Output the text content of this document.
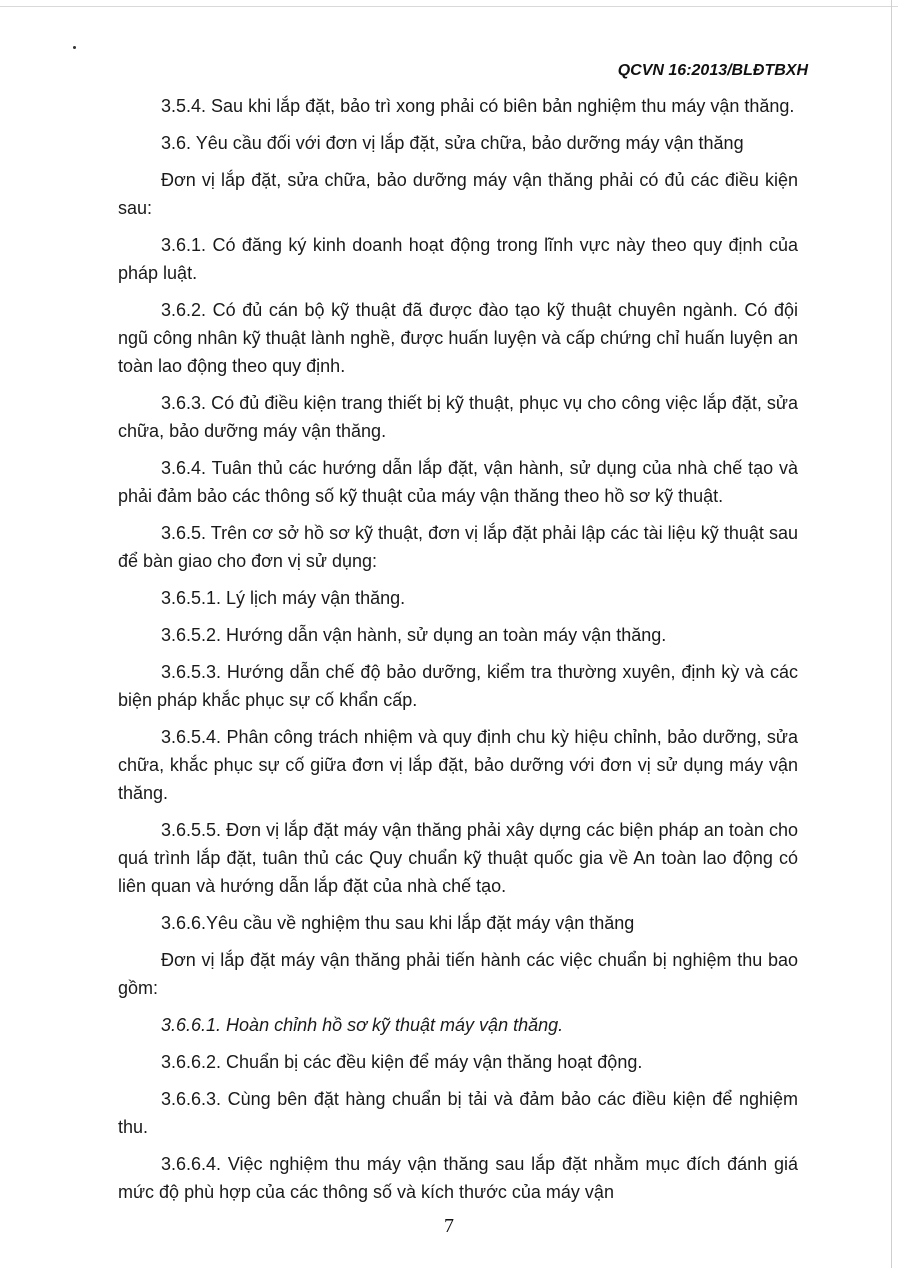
QCVN 16:2013/BLĐTBXH

3.5.4. Sau khi lắp đặt, bảo trì xong phải có biên bản nghiệm thu máy vận thăng.

3.6. Yêu cầu đối với đơn vị lắp đặt, sửa chữa, bảo dưỡng máy vận thăng

Đơn vị lắp đặt, sửa chữa, bảo dưỡng máy vận thăng phải có đủ các điều kiện sau:

3.6.1. Có đăng ký kinh doanh hoạt động trong lĩnh vực này theo quy định của pháp luật.

3.6.2. Có đủ cán bộ kỹ thuật đã được đào tạo kỹ thuật chuyên ngành. Có đội ngũ công nhân kỹ thuật lành nghề, được huấn luyện và cấp chứng chỉ huấn luyện an toàn lao động theo quy định.

3.6.3. Có đủ điều kiện trang thiết bị kỹ thuật, phục vụ cho công việc lắp đặt, sửa chữa, bảo dưỡng máy vận thăng.

3.6.4. Tuân thủ các hướng dẫn lắp đặt, vận hành, sử dụng của nhà chế tạo và phải đảm bảo các thông số kỹ thuật của máy vận thăng theo hồ sơ kỹ thuật.

3.6.5. Trên cơ sở hồ sơ kỹ thuật, đơn vị lắp đặt phải lập các tài liệu kỹ thuật sau để bàn giao cho đơn vị sử dụng:

3.6.5.1. Lý lịch máy vận thăng.

3.6.5.2. Hướng dẫn vận hành, sử dụng an toàn máy vận thăng.

3.6.5.3. Hướng dẫn chế độ bảo dưỡng, kiểm tra thường xuyên, định kỳ và các biện pháp khắc phục sự cố khẩn cấp.

3.6.5.4. Phân công trách nhiệm và quy định chu kỳ hiệu chỉnh, bảo dưỡng, sửa chữa, khắc phục sự cố giữa đơn vị lắp đặt, bảo dưỡng với đơn vị sử dụng máy vận thăng.

3.6.5.5. Đơn vị lắp đặt máy vận thăng phải xây dựng các biện pháp an toàn cho quá trình lắp đặt, tuân thủ các Quy chuẩn kỹ thuật quốc gia về An toàn lao động có liên quan và hướng dẫn lắp đặt của nhà chế tạo.

3.6.6.Yêu cầu về nghiệm thu sau khi lắp đặt máy vận thăng

Đơn vị lắp đặt máy vận thăng phải tiến hành các việc chuẩn bị nghiệm thu bao gồm:

3.6.6.1. Hoàn chỉnh hồ sơ kỹ thuật máy vận thăng.

3.6.6.2. Chuẩn bị các đều kiện để máy vận thăng hoạt động.

3.6.6.3. Cùng bên đặt hàng chuẩn bị tải và đảm bảo các điều kiện để nghiệm thu.

3.6.6.4. Việc nghiệm thu máy vận thăng sau lắp đặt nhằm mục đích đánh giá mức độ phù hợp của các thông số và kích thước của máy vận

7
